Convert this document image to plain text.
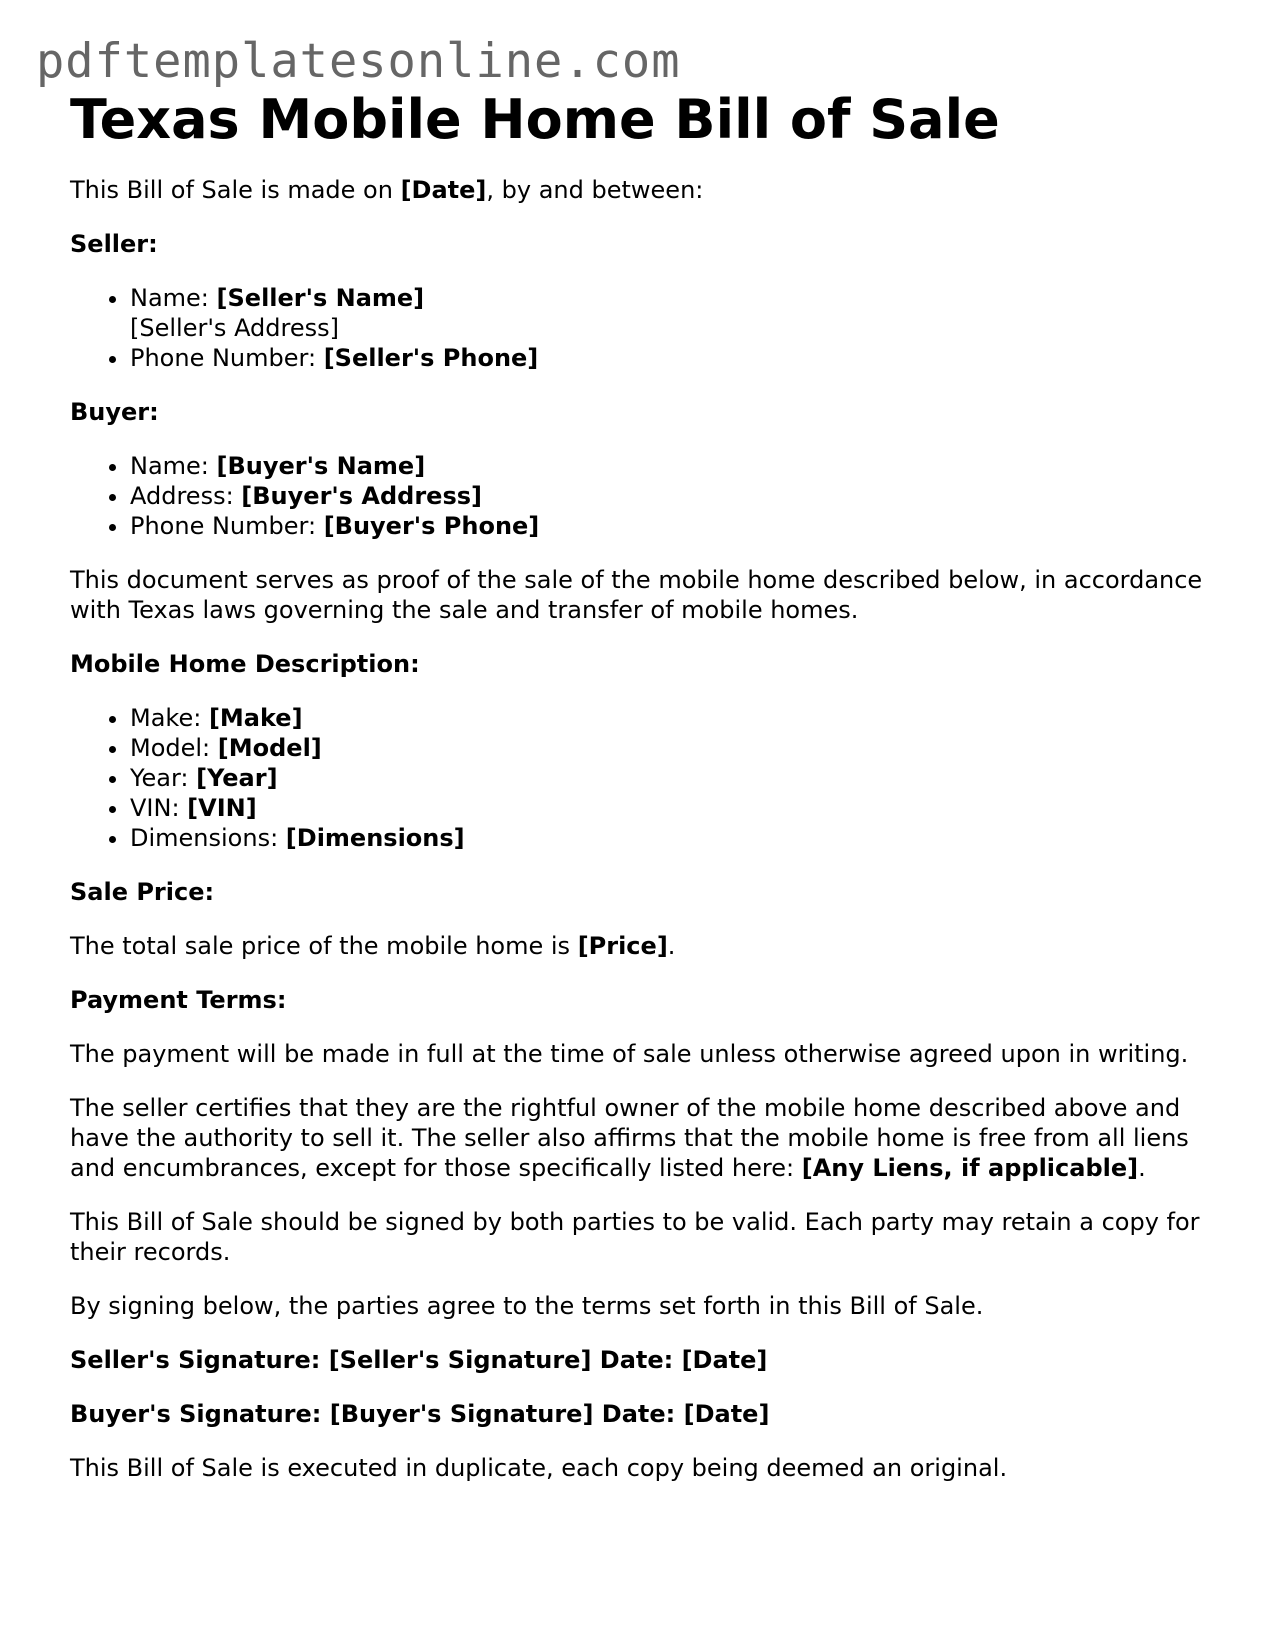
pdftemplatesonline.com
Texas Mobile Home Bill of Sale

This Bill of Sale is made on [Date], by and between:

Seller:

• Name: [Seller's Name]
[Seller's Address]
• Phone Number: [Seller's Phone]

Buyer:

• Name: [Buyer's Name]
• Address: [Buyer's Address]
• Phone Number: [Buyer's Phone]

This document serves as proof of the sale of the mobile home described below, in accordance with Texas laws governing the sale and transfer of mobile homes.

Mobile Home Description:

• Make: [Make]
• Model: [Model]
• Year: [Year]
• VIN: [VIN]
• Dimensions: [Dimensions]

Sale Price:

The total sale price of the mobile home is [Price].

Payment Terms:

The payment will be made in full at the time of sale unless otherwise agreed upon in writing.

The seller certifies that they are the rightful owner of the mobile home described above and have the authority to sell it. The seller also affirms that the mobile home is free from all liens and encumbrances, except for those specifically listed here: [Any Liens, if applicable].

This Bill of Sale should be signed by both parties to be valid. Each party may retain a copy for their records.

By signing below, the parties agree to the terms set forth in this Bill of Sale.

Seller's Signature: [Seller's Signature] Date: [Date]

Buyer's Signature: [Buyer's Signature] Date: [Date]

This Bill of Sale is executed in duplicate, each copy being deemed an original.
